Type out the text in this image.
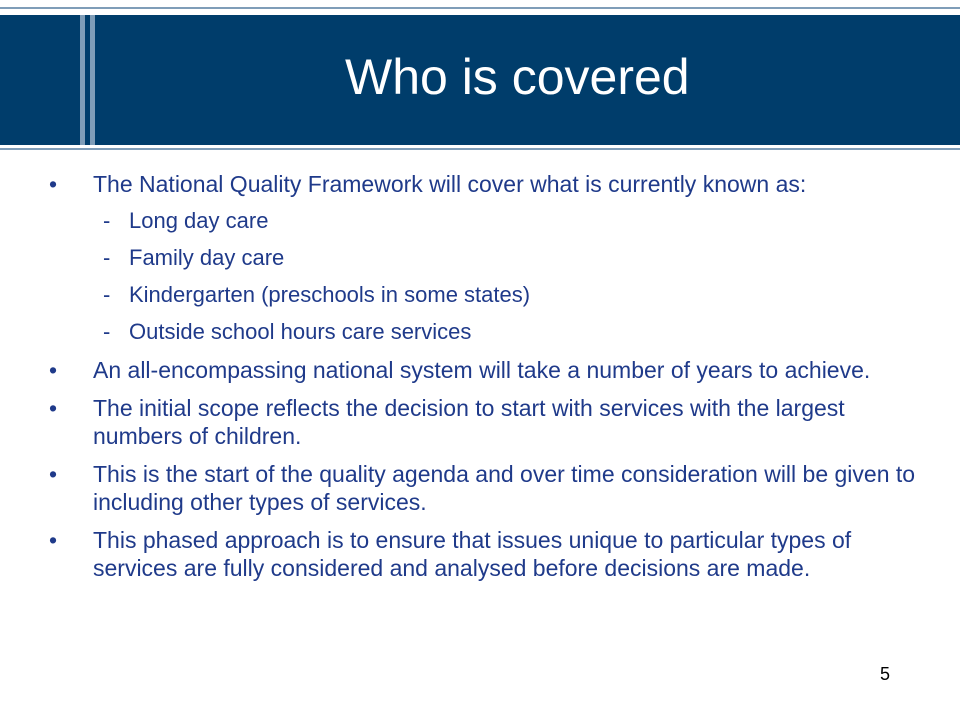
Who is covered
•	The National Quality Framework will cover what is currently known as:
- Long day care
- Family day care
- Kindergarten (preschools in some states)
- Outside school hours care services
•	An all-encompassing national system will take a number of years to achieve.
•	The initial scope reflects the decision to start with services with the largest numbers of children.
•	This is the start of the quality agenda and over time consideration will be given to including other types of services.
•	This phased approach is to ensure that issues unique to particular types of services are fully considered and analysed before decisions are made.
5
